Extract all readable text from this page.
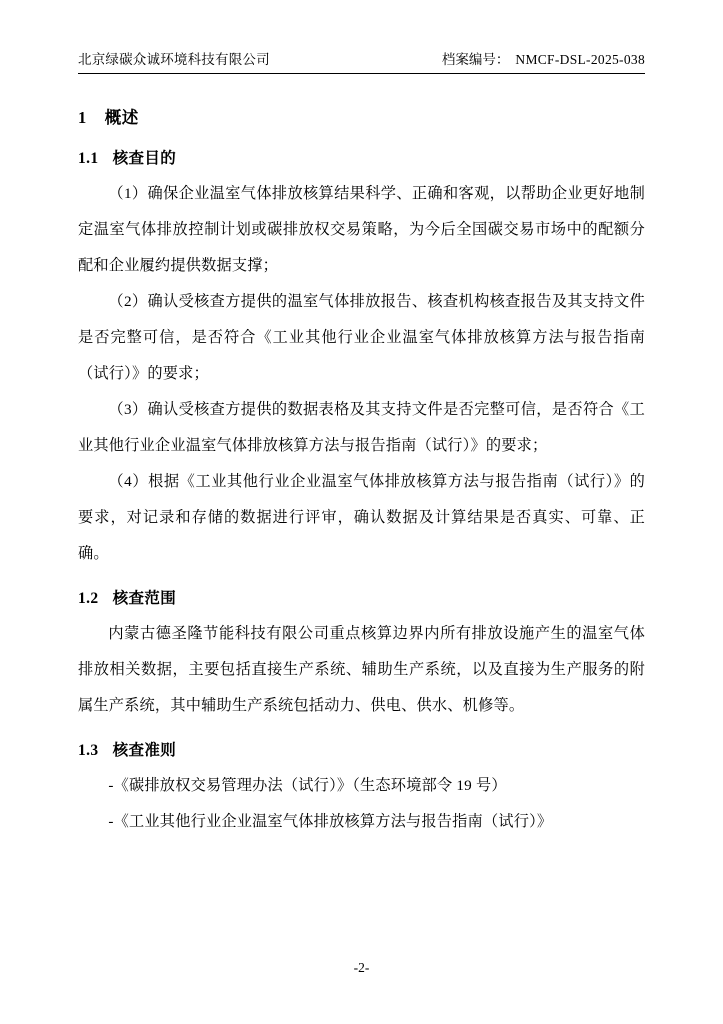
北京绿碳众诚环境科技有限公司	档案编号： NMCF-DSL-2025-038
1 概述
1.1 核查目的

（1）确保企业温室气体排放核算结果科学、正确和客观，以帮助企业更好地制定温室气体排放控制计划或碳排放权交易策略，为今后全国碳交易市场中的配额分配和企业履约提供数据支撑；

（2）确认受核查方提供的温室气体排放报告、核查机构核查报告及其支持文件是否完整可信，是否符合《工业其他行业企业温室气体排放核算方法与报告指南（试行）》的要求；

（3）确认受核查方提供的数据表格及其支持文件是否完整可信，是否符合《工业其他行业企业温室气体排放核算方法与报告指南（试行）》的要求；

（4）根据《工业其他行业企业温室气体排放核算方法与报告指南（试行）》的要求，对记录和存储的数据进行评审，确认数据及计算结果是否真实、可靠、正确。

1.2 核查范围

内蒙古德圣隆节能科技有限公司重点核算边界内所有排放设施产生的温室气体排放相关数据，主要包括直接生产系统、辅助生产系统，以及直接为生产服务的附属生产系统，其中辅助生产系统包括动力、供电、供水、机修等。

1.3 核查准则

-《碳排放权交易管理办法（试行）》（生态环境部令 19 号）

-《工业其他行业企业温室气体排放核算方法与报告指南（试行）》

-2-
